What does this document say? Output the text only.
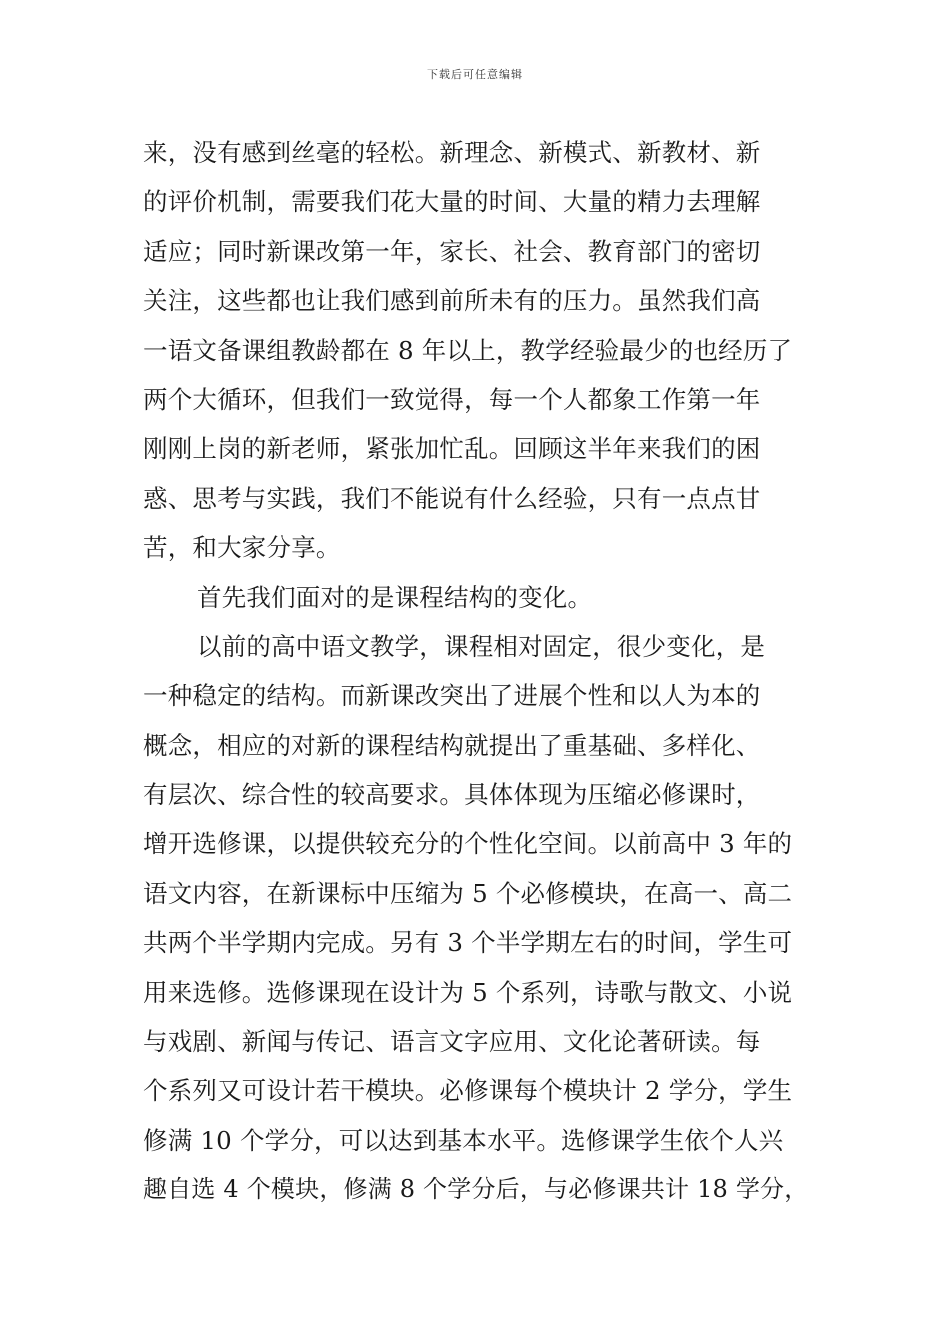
下载后可任意编辑
来，没有感到丝毫的轻松。新理念、新模式、新教材、新
的评价机制，需要我们花大量的时间、大量的精力去理解
适应；同时新课改第一年，家长、社会、教育部门的密切
关注，这些都也让我们感到前所未有的压力。虽然我们高
一语文备课组教龄都在 8 年以上，教学经验最少的也经历了
两个大循环，但我们一致觉得，每一个人都象工作第一年
刚刚上岗的新老师，紧张加忙乱。回顾这半年来我们的困
惑、思考与实践，我们不能说有什么经验，只有一点点甘
苦，和大家分享。
首先我们面对的是课程结构的变化。
以前的高中语文教学，课程相对固定，很少变化，是
一种稳定的结构。而新课改突出了进展个性和以人为本的
概念，相应的对新的课程结构就提出了重基础、多样化、
有层次、综合性的较高要求。具体体现为压缩必修课时，
增开选修课，以提供较充分的个性化空间。以前高中 3 年的
语文内容，在新课标中压缩为 5 个必修模块，在高一、高二
共两个半学期内完成。另有 3 个半学期左右的时间，学生可
用来选修。选修课现在设计为 5 个系列，诗歌与散文、小说
与戏剧、新闻与传记、语言文字应用、文化论著研读。每
个系列又可设计若干模块。必修课每个模块计 2 学分，学生
修满 10 个学分，可以达到基本水平。选修课学生依个人兴
趣自选 4 个模块，修满 8 个学分后，与必修课共计 18 学分，
